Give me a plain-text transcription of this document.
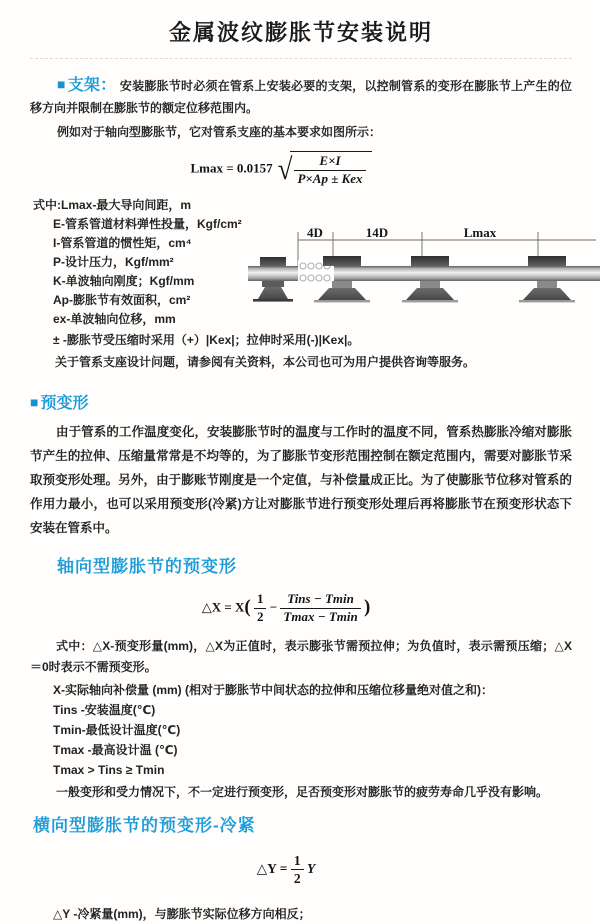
金属波纹膨胀节安装说明

■ 支架： 安装膨胀节时必须在管系上安装必要的支架，以控制管系的变形在膨胀节上产生的位移方向并限制在膨胀节的额定位移范围内。

例如对于轴向型膨胀节，它对管系支座的基本要求如图所示：

Lmax = 0.0157 √ $\frac{E\times I}{\text{P×Ap ± Kex}}$
式中:Lmax-最大导向间距，m
E-管系管道材料弹性投量，Kgf/cm²
I-管系管道的惯性矩，cm⁴
P-设计压力，Kgf/mm²
K-单波轴向刚度；Kgf/mm
Ap-膨胀节有效面积，cm²
ex-单波轴向位移，mm
4D	14D	Lmax
± -膨胀节受压缩时采用（+）|Kex|；拉伸时采用(-)|Kex|。
关于管系支座设计问题，请参阅有关资料，本公司也可为用户提供咨询等服务。
■ 预变形

由于管系的工作温度变化，安装膨胀节时的温度与工作时的温度不同，管系热膨胀冷缩对膨胀节产生的拉伸、压缩量常常是不均等的，为了膨胀节变形范围控制在额定范围内，需要对膨胀节采取预变形处理。另外，由于膨账节刚度是一个定值，与补偿量成正比。为了使膨胀节位移对管系的作用力最小，也可以采用预变形(冷紧)方让对膨胀节进行预变形处理后再将膨胀节在预变形状态下安装在管系中。

轴向型膨胀节的预变形
△X = $X( \frac{1}{2} - \frac{\text{Tins − Tmin}}{Tmax - Tmin}$ )

式中：△X-预变形量(mm)，△X为正值时，表示膨张节需预拉伸；为负值时，表示需预压缩；△X＝0时表示不需预变形。

X-实际轴向补偿量 (mm) (相对于膨胀节中间状态的拉伸和压缩位移量绝对值之和)：
Tins -安装温度(℃)
Tmin-最低设计温度(℃)
Tmax -最高设计温 (℃)
Tmax > Tins ≥ Tmin

一般变形和受力情况下，不一定进行预变形，足否预变形对膨胀节的疲劳寿命几乎没有影响。

横向型膨胀节的预变形-冷紧
△Y = $\frac{1}{2}$ Y
△Y -冷紧量(mm)，与膨胀节实际位移方向相反；
